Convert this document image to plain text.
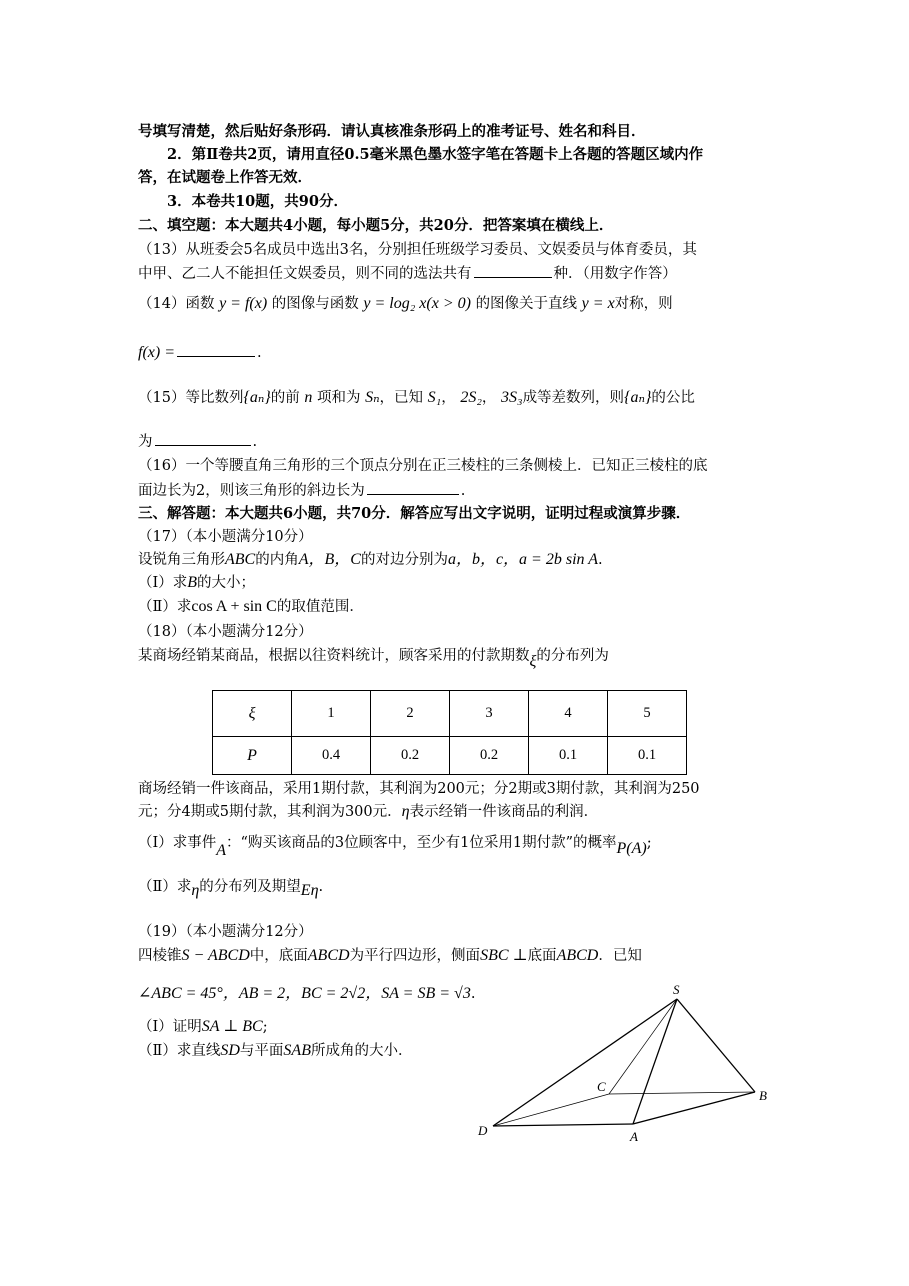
号填写清楚，然后贴好条形码．请认真核准条形码上的准考证号、姓名和科目．
2．第Ⅱ卷共2页，请用直径0.5毫米黑色墨水签字笔在答题卡上各题的答题区域内作
答，在试题卷上作答无效．
3．本卷共10题，共90分．
二、填空题：本大题共4小题，每小题5分，共20分．把答案填在横线上．
（13）从班委会5名成员中选出3名，分别担任班级学习委员、文娱委员与体育委员，其
中甲、乙二人不能担任文娱委员，则不同的选法共有	种．（用数字作答）
（14）函数 y = f(x) 的图像与函数 y = log₂ x(x > 0) 的图像关于直线 y = x对称，则
f(x) =	.
（15）等比数列{aₙ}的前 n 项和为 Sₙ，已知 S₁， 2S₂， 3S₃成等差数列，则{aₙ}的公比
为	.
（16）一个等腰直角三角形的三个顶点分别在正三棱柱的三条侧棱上．已知正三棱柱的底
面边长为2，则该三角形的斜边长为	.
三、解答题：本大题共6小题，共70分．解答应写出文字说明，证明过程或演算步骤．
（17）（本小题满分10分）
设锐角三角形ABC的内角A，B，C的对边分别为a，b，c，a = 2b sin A.
（Ⅰ）求B的大小；
（Ⅱ）求cos A + sin C的取值范围．
（18）（本小题满分12分）
某商场经销某商品，根据以往资料统计，顾客采用的付款期数ξ的分布列为
ξ	1	2	3	4	5
P	0.4	0.2	0.2	0.1	0.1
商场经销一件该商品，采用1期付款，其利润为200元；分2期或3期付款，其利润为250
元；分4期或5期付款，其利润为300元．η表示经销一件该商品的利润．
（Ⅰ）求事件A：“购买该商品的3位顾客中，至少有1位采用1期付款”的概率P(A);
（Ⅱ）求η的分布列及期望Eη.
（19）（本小题满分12分）
四棱锥S − ABCD中，底面ABCD为平行四边形，侧面SBC ⊥底面ABCD．已知
∠ABC = 45°，AB = 2，BC = 2√2，SA = SB = √3.
（Ⅰ）证明SA ⊥ BC;
（Ⅱ）求直线SD与平面SAB所成角的大小．
S
B
C
D	A
